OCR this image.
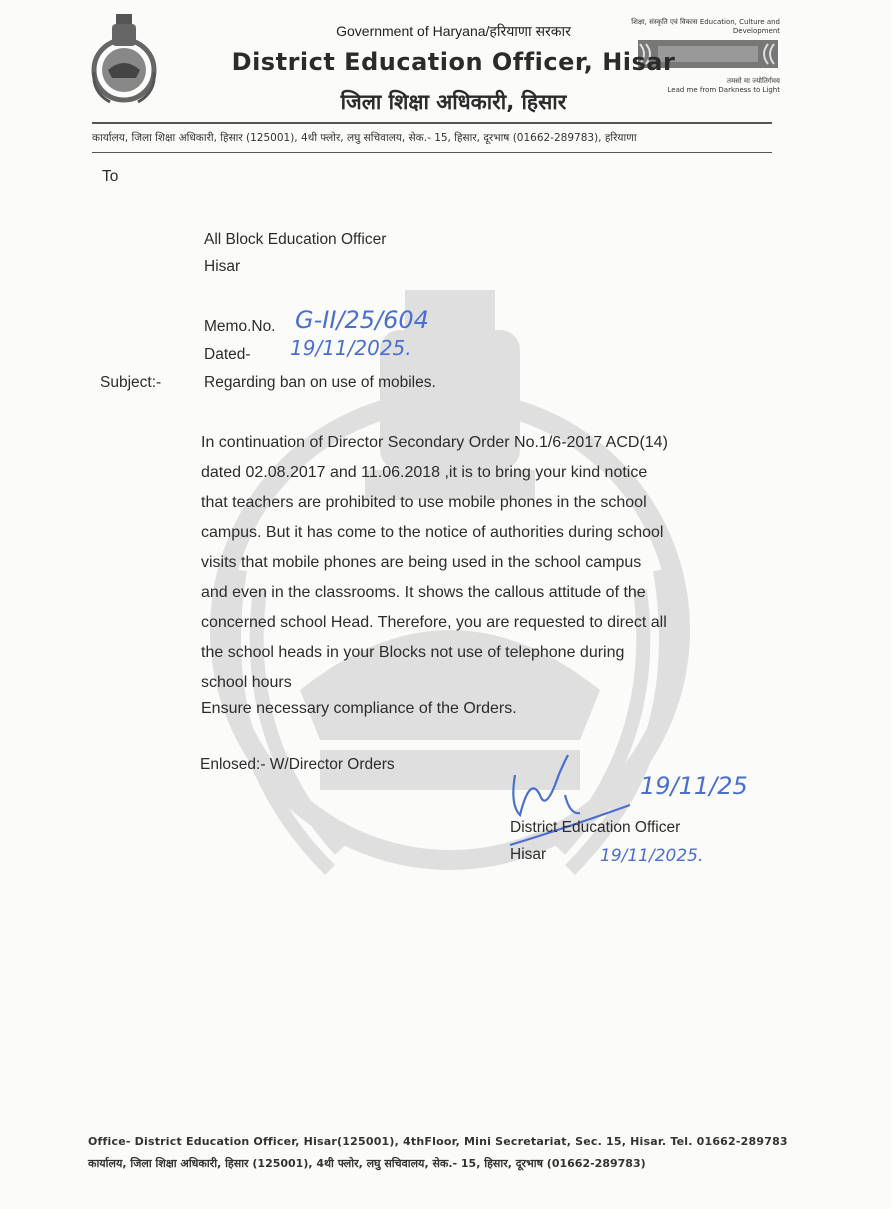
शिक्षा, संस्कृति एवं विकास Education, Culture and Development
तमसो मा ज्योतिर्गमय
Lead me from Darkness to Light
Government of Haryana/हरियाणा सरकार
District Education Officer, Hisar
जिला शिक्षा अधिकारी, हिसार
कार्यालय, जिला शिक्षा अधिकारी, हिसार (125001), 4थी फ्लोर, लघु सचिवालय, सेक.- 15, हिसार, दूरभाष (01662-289783), हरियाणा
To
All Block Education Officer
Hisar
Memo.No. G-II/25/604
Dated- 19/11/2025.
Subject:-	Regarding ban on use of mobiles.
In continuation of Director Secondary Order No.1/6-2017 ACD(14)
dated 02.08.2017 and 11.06.2018 ,it is to bring your kind notice
that teachers are prohibited to use mobile phones in the school
campus. But it has come to the notice of authorities during school
visits that mobile phones are being used in the school campus
and even in the classrooms. It shows the callous attitude of the
concerned school Head. Therefore, you are requested to direct all
the school heads in your Blocks not use of telephone during
school hours
Ensure necessary compliance of the Orders.
Enlosed:- W/Director Orders
19/11/25
District Education Officer
Hisar	19/11/2025.
Office- District Education Officer, Hisar(125001), 4thFloor, Mini Secretariat, Sec. 15, Hisar. Tel. 01662-289783
कार्यालय, जिला शिक्षा अधिकारी, हिसार (125001), 4थी फ्लोर, लघु सचिवालय, सेक.- 15, हिसार, दूरभाष (01662-289783)
